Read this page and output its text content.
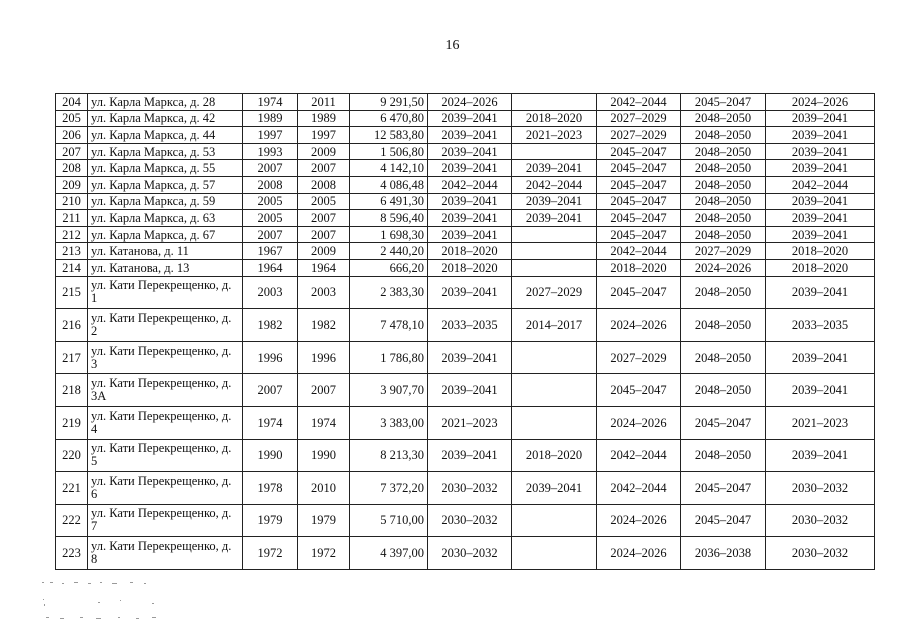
16
204	ул. Карла Маркса, д. 28	1974	2011	9 291,50	2024–2026		2042–2044	2045–2047	2024–2026
205	ул. Карла Маркса, д. 42	1989	1989	6 470,80	2039–2041	2018–2020	2027–2029	2048–2050	2039–2041
206	ул. Карла Маркса, д. 44	1997	1997	12 583,80	2039–2041	2021–2023	2027–2029	2048–2050	2039–2041
207	ул. Карла Маркса, д. 53	1993	2009	1 506,80	2039–2041		2045–2047	2048–2050	2039–2041
208	ул. Карла Маркса, д. 55	2007	2007	4 142,10	2039–2041	2039–2041	2045–2047	2048–2050	2039–2041
209	ул. Карла Маркса, д. 57	2008	2008	4 086,48	2042–2044	2042–2044	2045–2047	2048–2050	2042–2044
210	ул. Карла Маркса, д. 59	2005	2005	6 491,30	2039–2041	2039–2041	2045–2047	2048–2050	2039–2041
211	ул. Карла Маркса, д. 63	2005	2007	8 596,40	2039–2041	2039–2041	2045–2047	2048–2050	2039–2041
212	ул. Карла Маркса, д. 67	2007	2007	1 698,30	2039–2041		2045–2047	2048–2050	2039–2041
213	ул. Катанова, д. 11	1967	2009	2 440,20	2018–2020		2042–2044	2027–2029	2018–2020
214	ул. Катанова, д. 13	1964	1964	666,20	2018–2020		2018–2020	2024–2026	2018–2020
215	ул. Кати Перекрещенко, д. 1	2003	2003	2 383,30	2039–2041	2027–2029	2045–2047	2048–2050	2039–2041
216	ул. Кати Перекрещенко, д. 2	1982	1982	7 478,10	2033–2035	2014–2017	2024–2026	2048–2050	2033–2035
217	ул. Кати Перекрещенко, д. 3	1996	1996	1 786,80	2039–2041		2027–2029	2048–2050	2039–2041
218	ул. Кати Перекрещенко, д. 3А	2007	2007	3 907,70	2039–2041		2045–2047	2048–2050	2039–2041
219	ул. Кати Перекрещенко, д. 4	1974	1974	3 383,00	2021–2023		2024–2026	2045–2047	2021–2023
220	ул. Кати Перекрещенко, д. 5	1990	1990	8 213,30	2039–2041	2018–2020	2042–2044	2048–2050	2039–2041
221	ул. Кати Перекрещенко, д. 6	1978	2010	7 372,20	2030–2032	2039–2041	2042–2044	2045–2047	2030–2032
222	ул. Кати Перекрещенко, д. 7	1979	1979	5 710,00	2030–2032		2024–2026	2045–2047	2030–2032
223	ул. Кати Перекрещенко, д. 8	1972	1972	4 397,00	2030–2032		2024–2026	2036–2038	2030–2032
